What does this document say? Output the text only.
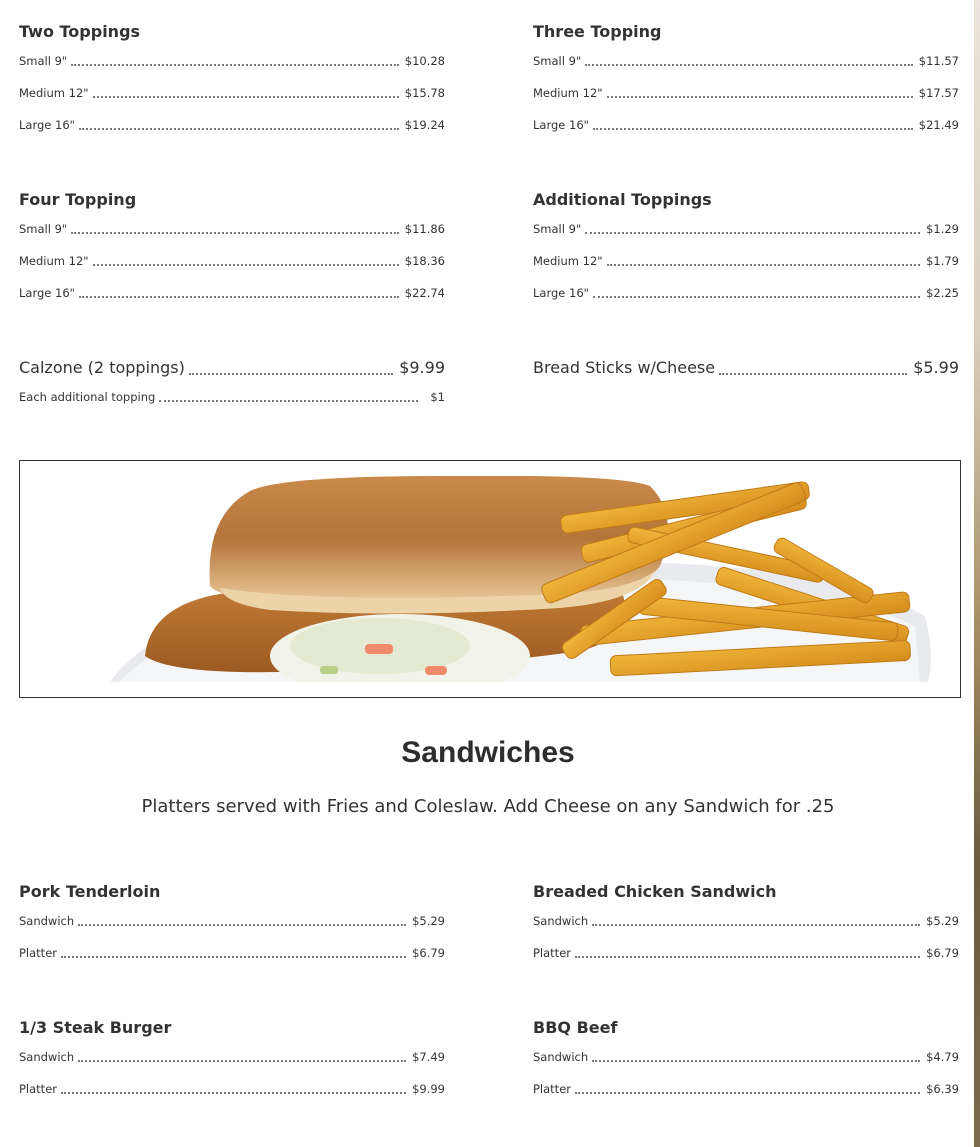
Two Toppings
Small 9"	$10.28
Medium 12"	$15.78
Large 16"	$19.24
Three Topping
Small 9"	$11.57
Medium 12"	$17.57
Large 16"	$21.49
Four Topping
Small 9"	$11.86
Medium 12"	$18.36
Large 16"	$22.74
Additional Toppings
Small 9"	$1.29
Medium 12"	$1.79
Large 16"	$2.25
Calzone (2 toppings)	$9.99
Each additional topping	$1
Bread Sticks w/Cheese	$5.99
Sandwiches

Platters served with Fries and Coleslaw. Add Cheese on any Sandwich for .25

Pork Tenderloin
Sandwich	$5.29
Platter	$6.79
Breaded Chicken Sandwich
Sandwich	$5.29
Platter	$6.79
1/3 Steak Burger
Sandwich	$7.49
Platter	$9.99
BBQ Beef
Sandwich	$4.79
Platter	$6.39
